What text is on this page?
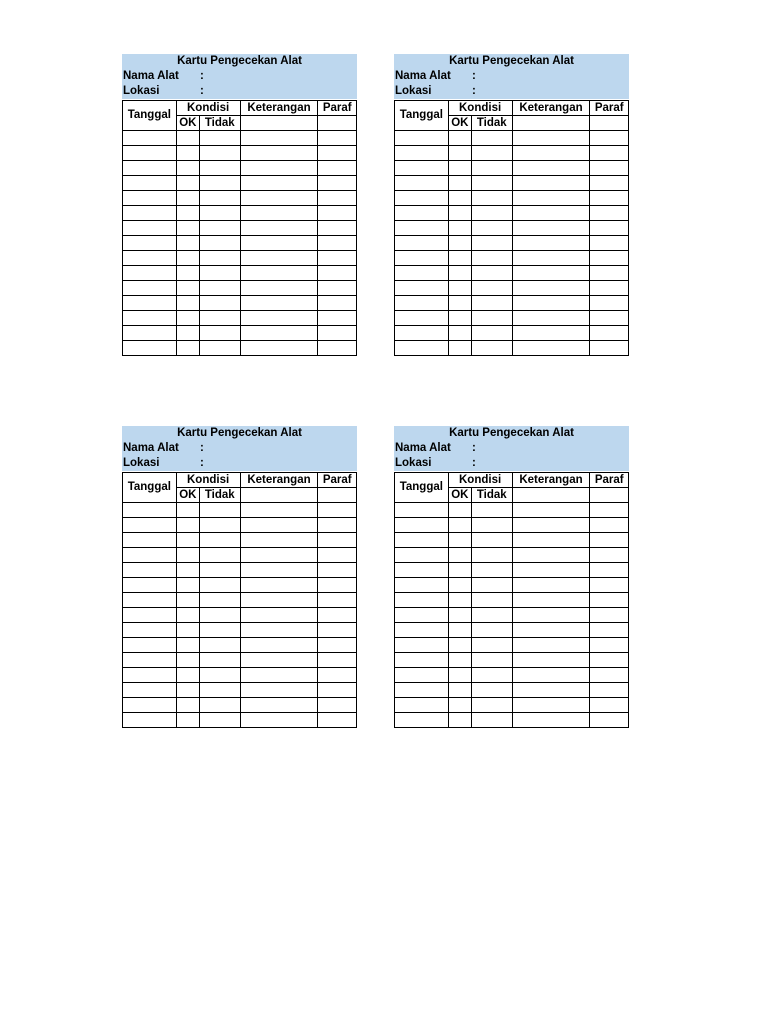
Kartu Pengecekan Alat
Nama Alat	:
Lokasi	:
Tanggal	Kondisi		Keterangan	Paraf
	OK	Tidak		

Kartu Pengecekan Alat
Nama Alat	:
Lokasi	:
Tanggal	Kondisi		Keterangan	Paraf
	OK	Tidak		

Kartu Pengecekan Alat
Nama Alat	:
Lokasi	:
Tanggal	Kondisi		Keterangan	Paraf
	OK	Tidak		

Kartu Pengecekan Alat
Nama Alat	:
Lokasi	:
Tanggal	Kondisi		Keterangan	Paraf
	OK	Tidak		
